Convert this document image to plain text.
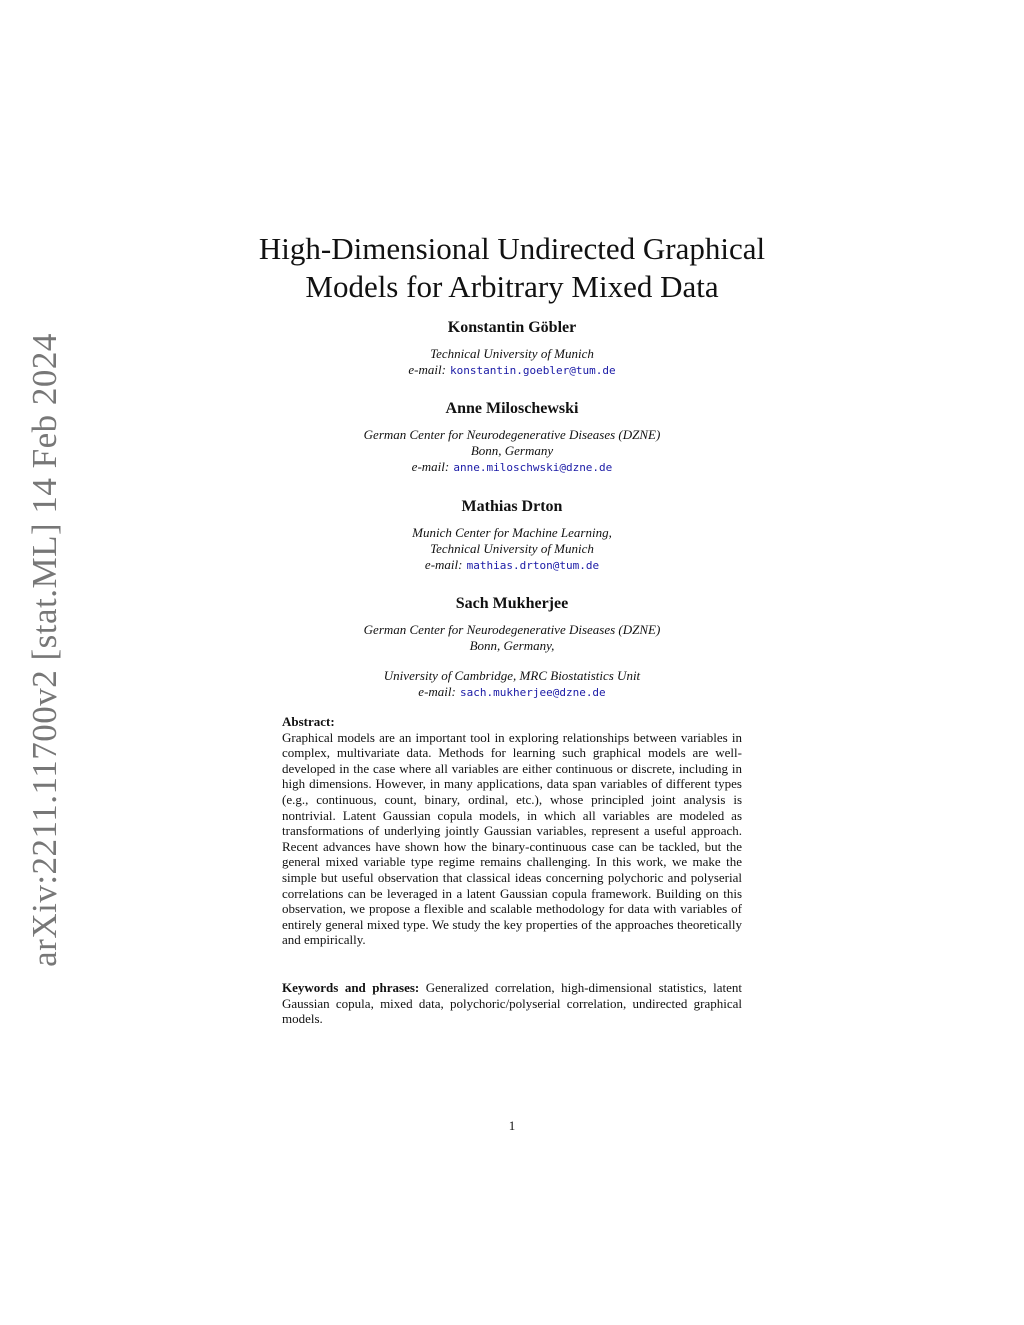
arXiv:2211.11700v2 [stat.ML] 14 Feb 2024
High-Dimensional Undirected Graphical
Models for Arbitrary Mixed Data
Konstantin Göbler
Technical University of Munich
e-mail: konstantin.goebler@tum.de
Anne Miloschewski
German Center for Neurodegenerative Diseases (DZNE)
Bonn, Germany
e-mail: anne.miloschwski@dzne.de
Mathias Drton
Munich Center for Machine Learning,
Technical University of Munich
e-mail: mathias.drton@tum.de
Sach Mukherjee
German Center for Neurodegenerative Diseases (DZNE)
Bonn, Germany,
University of Cambridge, MRC Biostatistics Unit
e-mail: sach.mukherjee@dzne.de

Abstract:

Graphical models are an important tool in exploring relationships between variables in complex, multivariate data. Methods for learning such graphical models are well-developed in the case where all variables are either continuous or discrete, including in high dimensions. However, in many applications, data span variables of different types (e.g., continuous, count, binary, ordinal, etc.), whose principled joint analysis is nontrivial. Latent Gaussian copula models, in which all variables are modeled as transformations of underlying jointly Gaussian variables, represent a useful approach. Recent advances have shown how the binary-continuous case can be tackled, but the general mixed variable type regime remains challenging. In this work, we make the simple but useful observation that classical ideas concerning polychoric and polyserial correlations can be leveraged in a latent Gaussian copula framework. Building on this observation, we propose a flexible and scalable methodology for data with variables of entirely general mixed type. We study the key properties of the approaches theoretically and empirically.

Keywords and phrases: Generalized correlation, high-dimensional statistics, latent Gaussian copula, mixed data, polychoric/polyserial correlation, undirected graphical models.
1
